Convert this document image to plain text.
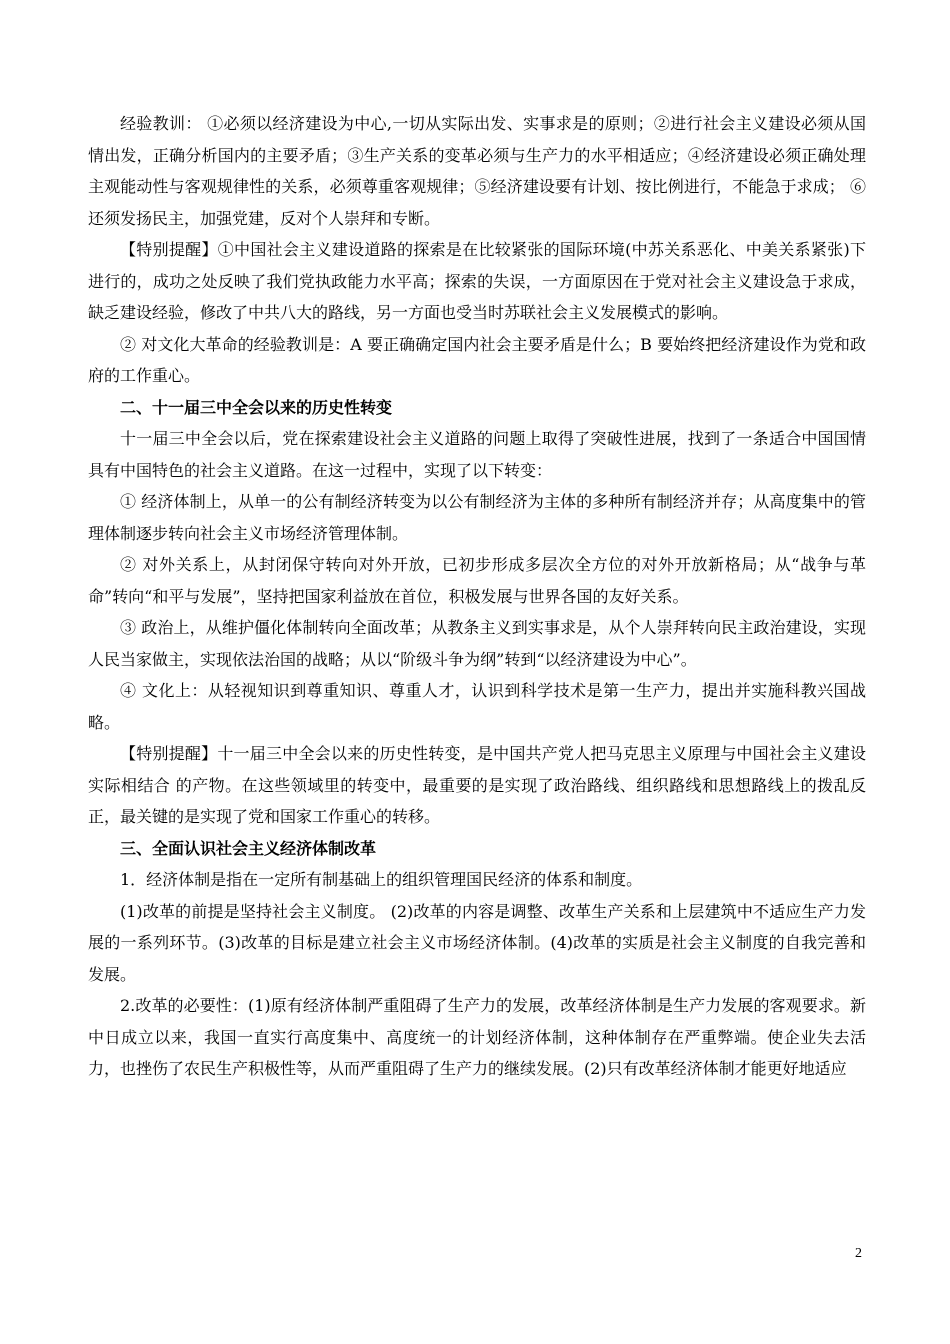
经验教训： ①必须以经济建设为中心,一切从实际出发、实事求是的原则；②进行社会主义建设必须从国情出发，正确分析国内的主要矛盾；③生产关系的变革必须与生产力的水平相适应；④经济建设必须正确处理主观能动性与客观规律性的关系，必须尊重客观规律；⑤经济建设要有计划、按比例进行，不能急于求成； ⑥还须发扬民主，加强党建，反对个人崇拜和专断。

【特别提醒】①中国社会主义建设道路的探索是在比较紧张的国际环境(中苏关系恶化、中美关系紧张)下进行的，成功之处反映了我们党执政能力水平高；探索的失误，一方面原因在于党对社会主义建设急于求成，缺乏建设经验，修改了中共八大的路线，另一方面也受当时苏联社会主义发展模式的影响。

② 对文化大革命的经验教训是：A 要正确确定国内社会主要矛盾是什么；B 要始终把经济建设作为党和政府的工作重心。

二、十一届三中全会以来的历史性转变

十一届三中全会以后，党在探索建设社会主义道路的问题上取得了突破性进展，找到了一条适合中国国情具有中国特色的社会主义道路。在这一过程中，实现了以下转变：

① 经济体制上，从单一的公有制经济转变为以公有制经济为主体的多种所有制经济并存；从高度集中的管理体制逐步转向社会主义市场经济管理体制。

② 对外关系上，从封闭保守转向对外开放，已初步形成多层次全方位的对外开放新格局；从“战争与革命”转向“和平与发展”，坚持把国家利益放在首位，积极发展与世界各国的友好关系。

③ 政治上，从维护僵化体制转向全面改革；从教条主义到实事求是，从个人崇拜转向民主政治建设，实现人民当家做主，实现依法治国的战略；从以“阶级斗争为纲”转到“以经济建设为中心”。

④ 文化上：从轻视知识到尊重知识、尊重人才，认识到科学技术是第一生产力，提出并实施科教兴国战略。

【特别提醒】十一届三中全会以来的历史性转变，是中国共产党人把马克思主义原理与中国社会主义建设实际相结合 的产物。在这些领域里的转变中，最重要的是实现了政治路线、组织路线和思想路线上的拨乱反正，最关键的是实现了党和国家工作重心的转移。

三、全面认识社会主义经济体制改革

1．经济体制是指在一定所有制基础上的组织管理国民经济的体系和制度。

(1)改革的前提是坚持社会主义制度。 (2)改革的内容是调整、改革生产关系和上层建筑中不适应生产力发展的一系列环节。(3)改革的目标是建立社会主义市场经济体制。(4)改革的实质是社会主义制度的自我完善和发展。

2.改革的必要性：(1)原有经济体制严重阻碍了生产力的发展，改革经济体制是生产力发展的客观要求。新中日成立以来，我国一直实行高度集中、高度统一的计划经济体制，这种体制存在严重弊端。使企业失去活力，也挫伤了农民生产积极性等，从而严重阻碍了生产力的继续发展。(2)只有改革经济体制才能更好地适应

2
